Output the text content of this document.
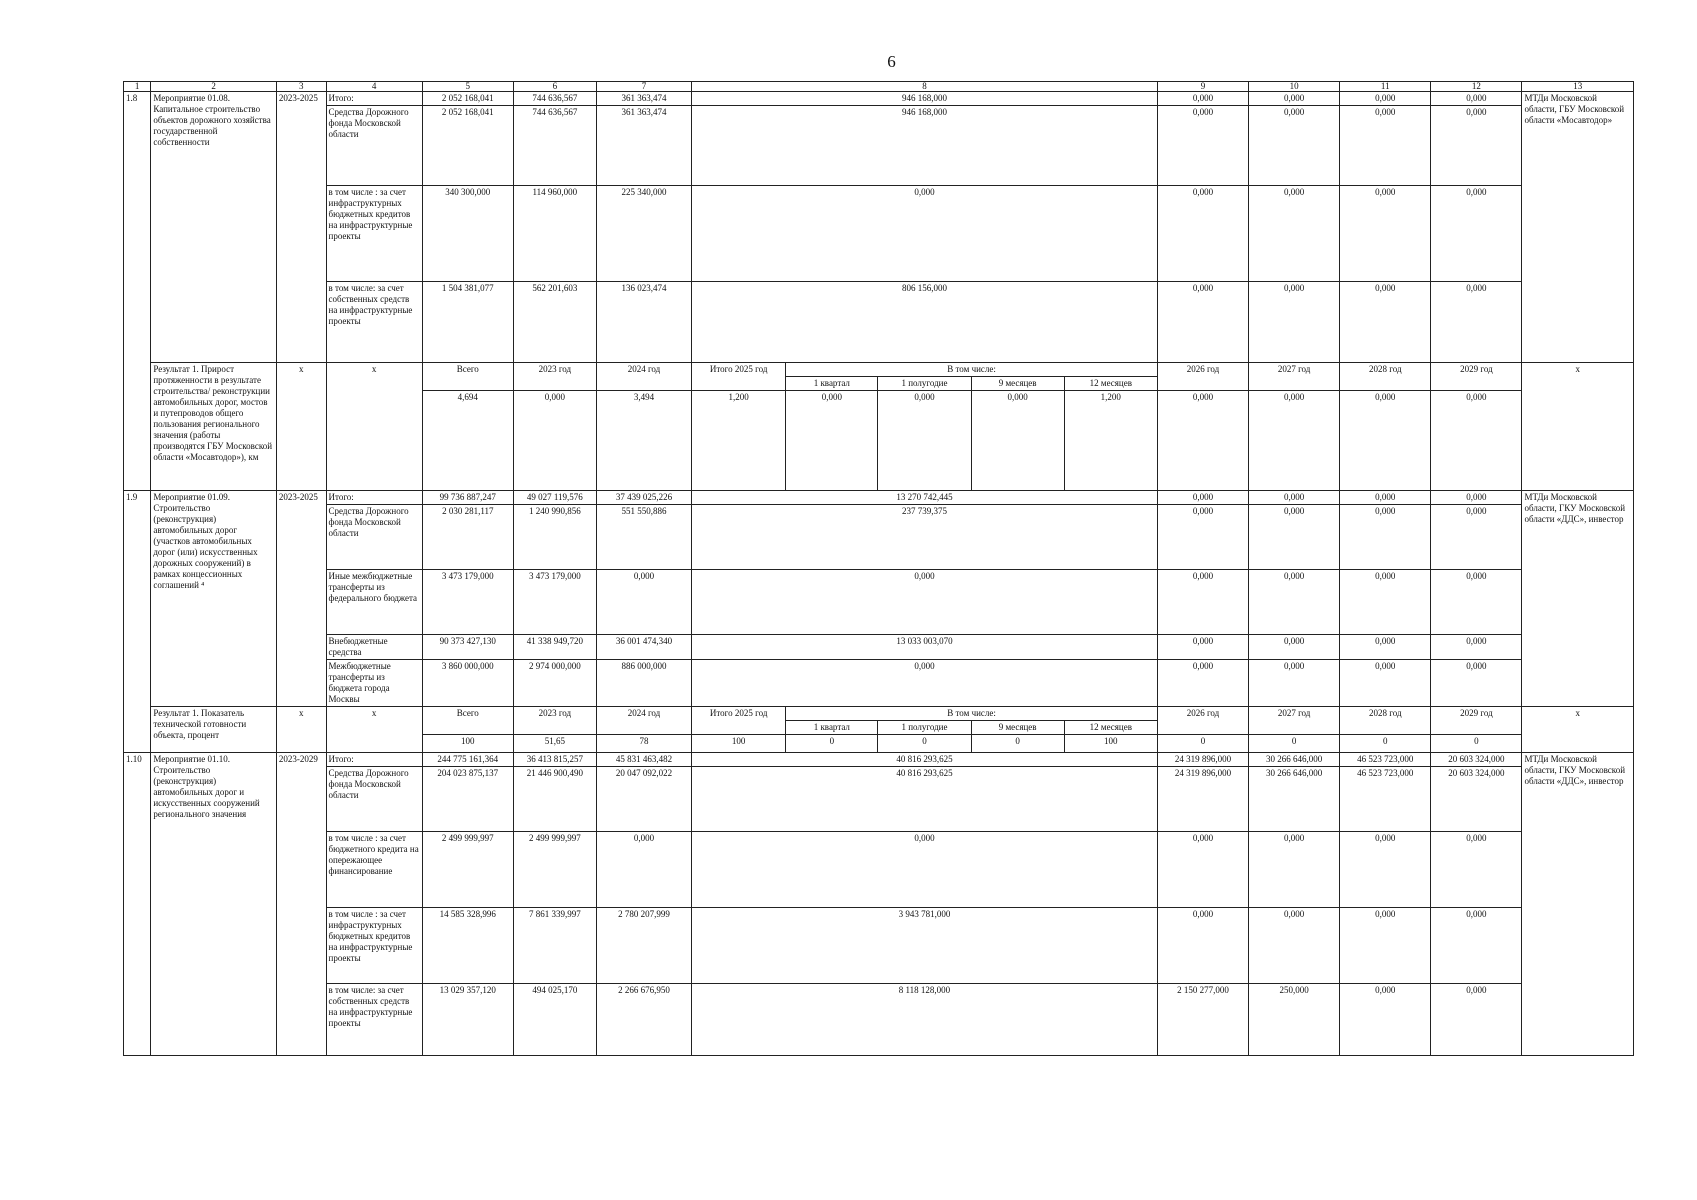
6
1	2	3	4	5	6	7	8					9	10	11	12	13
1.8	Мероприятие 01.08. Капитальное строительство объектов дорожного хозяйства государственной собственности	2023-2025	Итого:	2 052 168,041	744 636,567	361 363,474	946 168,000					0,000	0,000	0,000	0,000	МТДи Московской области, ГБУ Московской области «Мосавтодор»
			Средства Дорожного фонда Московской области	2 052 168,041	744 636,567	361 363,474	946 168,000					0,000	0,000	0,000	0,000	
			в том числе : за счет инфраструктурных бюджетных кредитов на инфраструктурные проекты	340 300,000	114 960,000	225 340,000	0,000					0,000	0,000	0,000	0,000	
			в том числе: за счет собственных средств на инфраструктурные проекты	1 504 381,077	562 201,603	136 023,474	806 156,000					0,000	0,000	0,000	0,000	
	Результат 1. Прирост протяженности в результате строительства/ реконструкции автомобильных дорог, мостов и путепроводов общего пользования регионального значения (работы производятся ГБУ Московской области «Мосавтодор»), км	х	х	Всего	2023 год	2024 год	Итого 2025 год	В том числе:				2026 год	2027 год	2028 год	2029 год	х
								1 квартал	1 полугодие	9 месяцев	12 месяцев					
				4,694	0,000	3,494	1,200	0,000	0,000	0,000	1,200	0,000	0,000	0,000	0,000	
1.9	Мероприятие 01.09. Строительство (реконструкция) автомобильных дорог (участков автомобильных дорог (или) искусственных дорожных сооружений) в рамках концессионных соглашений ⁴	2023-2025	Итого:	99 736 887,247	49 027 119,576	37 439 025,226	13 270 742,445					0,000	0,000	0,000	0,000	МТДи Московской области, ГКУ Московской области «ДДС», инвестор
			Средства Дорожного фонда Московской области	2 030 281,117	1 240 990,856	551 550,886	237 739,375					0,000	0,000	0,000	0,000	
			Иные межбюджетные трансферты из федерального бюджета	3 473 179,000	3 473 179,000	0,000	0,000					0,000	0,000	0,000	0,000	
			Внебюджетные средства	90 373 427,130	41 338 949,720	36 001 474,340	13 033 003,070					0,000	0,000	0,000	0,000	
			Межбюджетные трансферты из бюджета города Москвы	3 860 000,000	2 974 000,000	886 000,000	0,000					0,000	0,000	0,000	0,000	
	Результат 1. Показатель технической готовности объекта, процент	х	х	Всего	2023 год	2024 год	Итого 2025 год	В том числе:				2026 год	2027 год	2028 год	2029 год	х
								1 квартал	1 полугодие	9 месяцев	12 месяцев					
				100	51,65	78	100	0	0	0	100	0	0	0	0	
1.10	Мероприятие 01.10. Строительство (реконструкция) автомобильных дорог и искусственных сооружений регионального значения	2023-2029	Итого:	244 775 161,364	36 413 815,257	45 831 463,482	40 816 293,625					24 319 896,000	30 266 646,000	46 523 723,000	20 603 324,000	МТДи Московской области, ГКУ Московской области «ДДС», инвестор
			Средства Дорожного фонда Московской области	204 023 875,137	21 446 900,490	20 047 092,022	40 816 293,625					24 319 896,000	30 266 646,000	46 523 723,000	20 603 324,000	
			в том числе : за счет бюджетного кредита на опережающее финансирование	2 499 999,997	2 499 999,997	0,000	0,000					0,000	0,000	0,000	0,000	
			в том числе : за счет инфраструктурных бюджетных кредитов на инфраструктурные проекты	14 585 328,996	7 861 339,997	2 780 207,999	3 943 781,000					0,000	0,000	0,000	0,000	
			в том числе: за счет собственных средств на инфраструктурные проекты	13 029 357,120	494 025,170	2 266 676,950	8 118 128,000					2 150 277,000	250,000	0,000	0,000	
